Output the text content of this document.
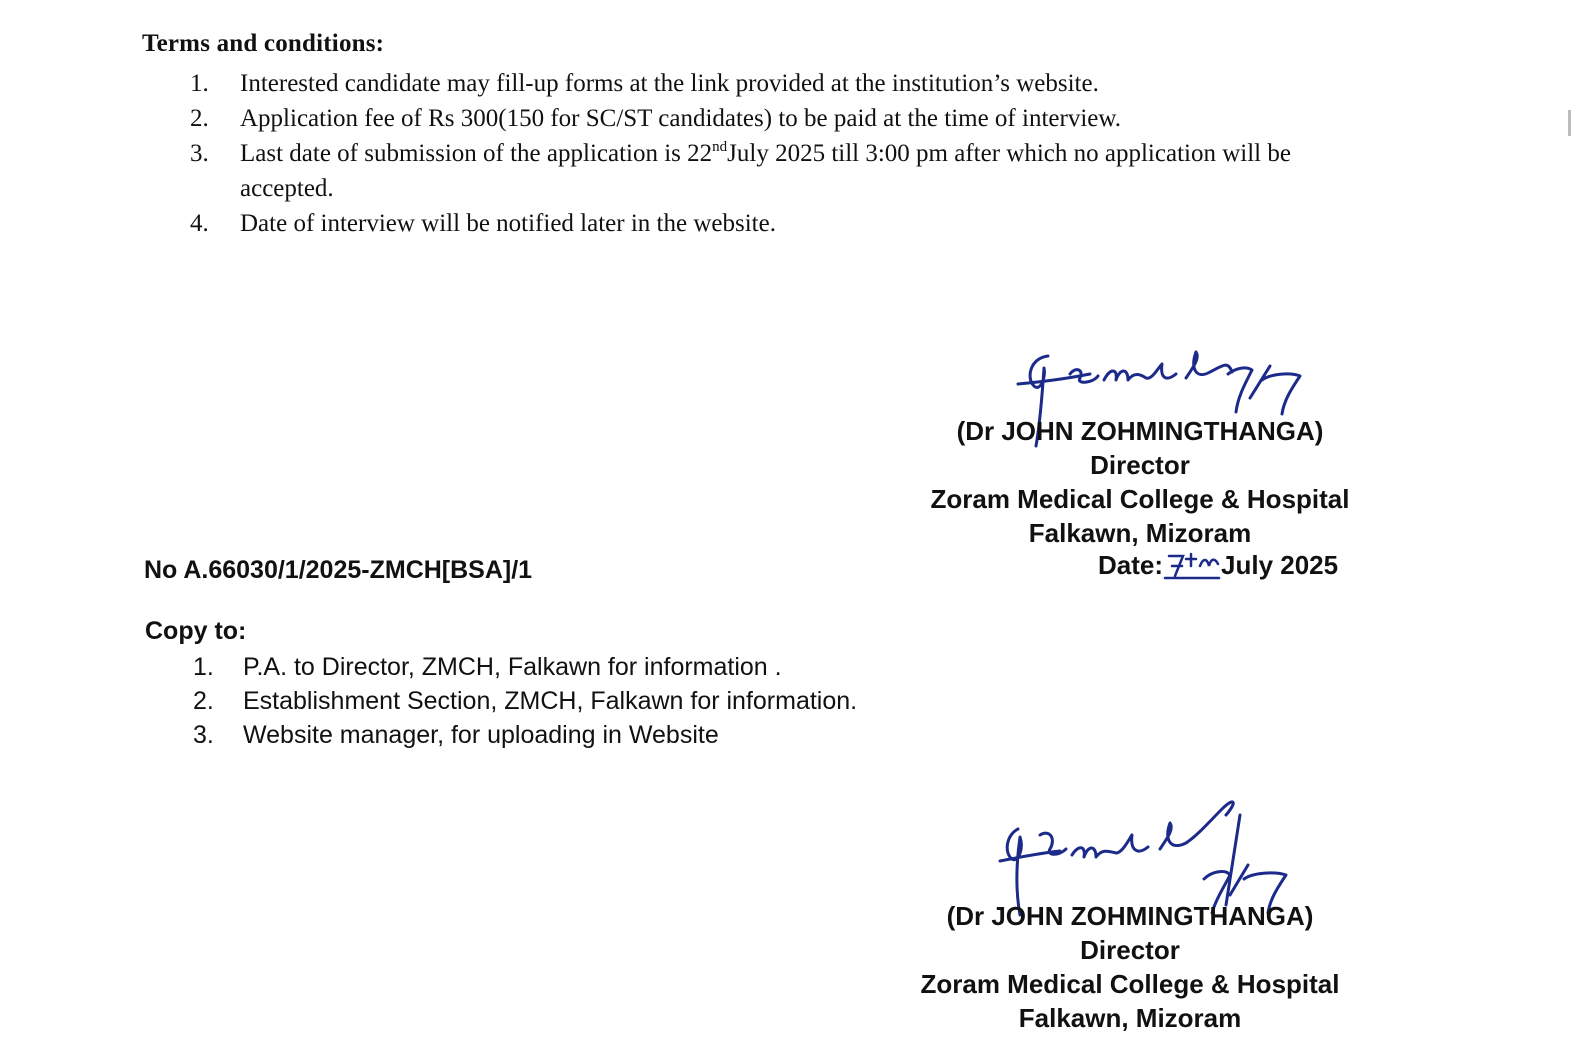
Terms and conditions:
1.	Interested candidate may fill-up forms at the link provided at the institution’s website.
2.	Application fee of Rs 300(150 for SC/ST candidates) to be paid at the time of interview.
3.	Last date of submission of the application is 22ndJuly 2025 till 3:00 pm after which no application will be accepted.
4.	Date of interview will be notified later in the website.
(Dr JOHN ZOHMINGTHANGA)
Director
Zoram Medical College & Hospital
Falkawn, Mizoram
No A.66030/1/2025-ZMCH[BSA]/1	Date: July 2025
Copy to:
1.	P.A. to Director, ZMCH, Falkawn for information .
2.	Establishment Section, ZMCH, Falkawn for information.
3.	Website manager, for uploading in Website
(Dr JOHN ZOHMINGTHANGA)
Director
Zoram Medical College & Hospital
Falkawn, Mizoram
